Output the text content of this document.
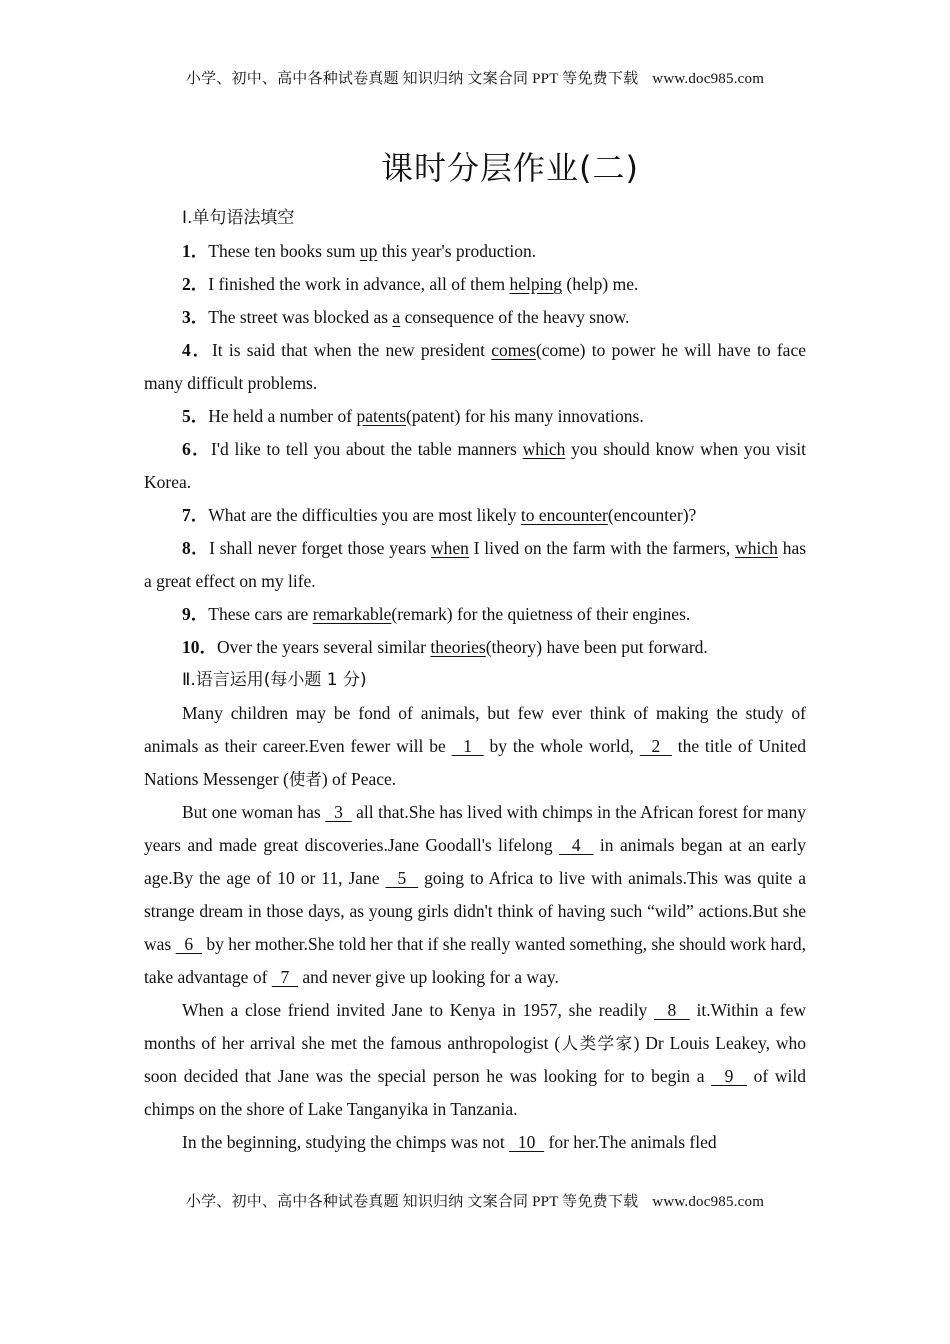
小学、初中、高中各种试卷真题 知识归纳 文案合同 PPT 等免费下载 www.doc985.com
课时分层作业(二)

Ⅰ.单句语法填空

1．These ten books sum up this year's production.

2．I finished the work in advance, all of them helping (help) me.

3．The street was blocked as a consequence of the heavy snow.

4．It is said that when the new president comes(come) to power he will have to face many difficult problems.

5．He held a number of patents(patent) for his many innovations.

6．I'd like to tell you about the table manners which you should know when you visit Korea.

7．What are the difficulties you are most likely to encounter(encounter)?

8．I shall never forget those years when I lived on the farm with the farmers, which has a great effect on my life.

9．These cars are remarkable(remark) for the quietness of their engines.

10．Over the years several similar theories(theory) have been put forward.

Ⅱ.语言运用(每小题 1 分)

Many children may be fond of animals, but few ever think of making the study of animals as their career.Even fewer will be   1   by the whole world,   2   the title of United Nations Messenger (使者) of Peace.

But one woman has   3   all that.She has lived with chimps in the African forest for many years and made great discoveries.Jane Goodall's lifelong   4   in animals began at an early age.By the age of 10 or 11, Jane   5   going to Africa to live with animals.This was quite a strange dream in those days, as young girls didn't think of having such “wild” actions.But she was   6   by her mother.She told her that if she really wanted something, she should work hard, take advantage of   7   and never give up looking for a way.

When a close friend invited Jane to Kenya in 1957, she readily   8   it.Within a few months of her arrival she met the famous anthropologist (人类学家) Dr Louis Leakey, who soon decided that Jane was the special person he was looking for to begin a   9   of wild chimps on the shore of Lake Tanganyika in Tanzania.

In the beginning, studying the chimps was not   10   for her.The animals fled

小学、初中、高中各种试卷真题 知识归纳 文案合同 PPT 等免费下载 www.doc985.com
